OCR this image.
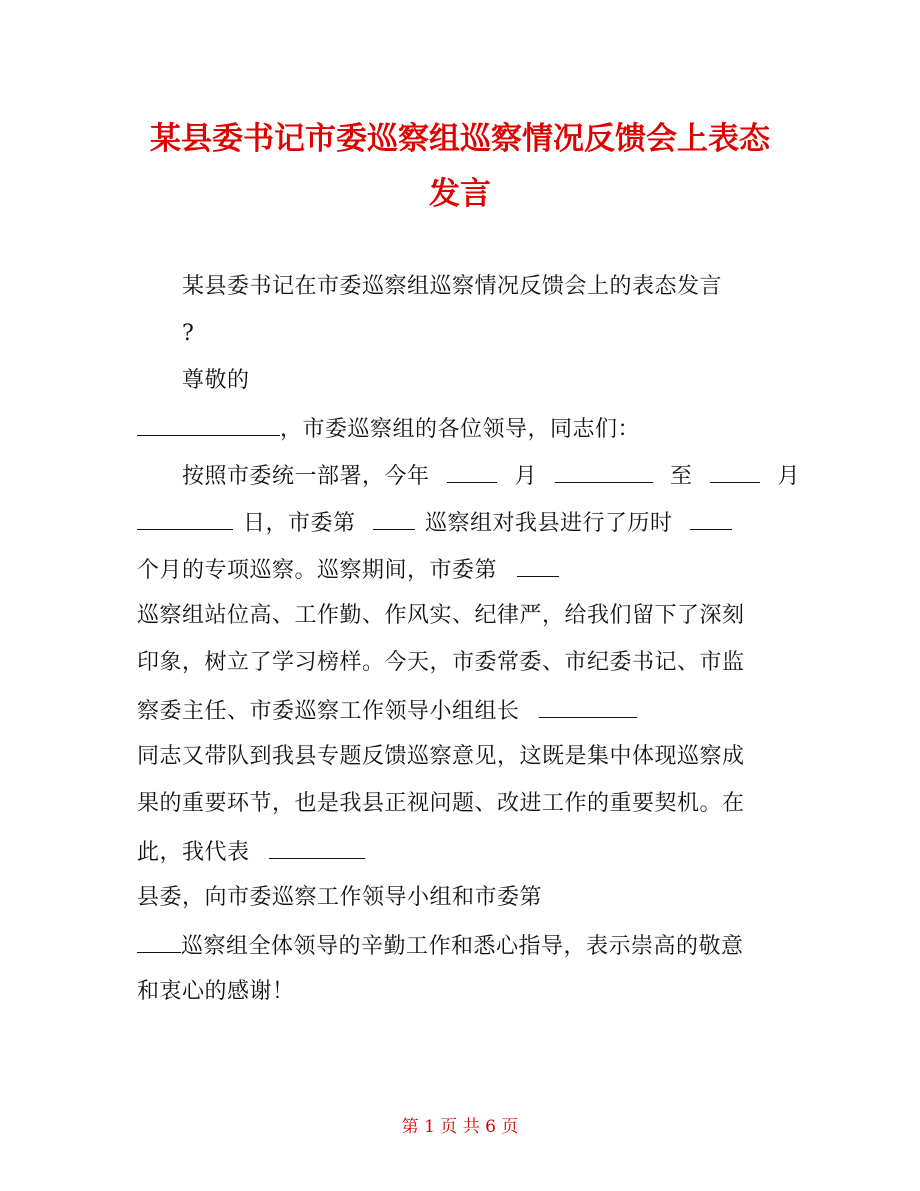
某县委书记市委巡察组巡察情况反馈会上表态
发言
某县委书记在市委巡察组巡察情况反馈会上的表态发言
?
尊敬的
，市委巡察组的各位领导，同志们：
按照市委统一部署，今年	月	至	月
日，市委第	巡察组对我县进行了历时
个月的专项巡察。巡察期间，市委第
巡察组站位高、工作勤、作风实、纪律严，给我们留下了深刻
印象，树立了学习榜样。今天，市委常委、市纪委书记、市监
察委主任、市委巡察工作领导小组组长
同志又带队到我县专题反馈巡察意见，这既是集中体现巡察成
果的重要环节，也是我县正视问题、改进工作的重要契机。在
此，我代表
县委，向市委巡察工作领导小组和市委第
巡察组全体领导的辛勤工作和悉心指导，表示崇高的敬意
和衷心的感谢！
第 1 页 共 6 页
